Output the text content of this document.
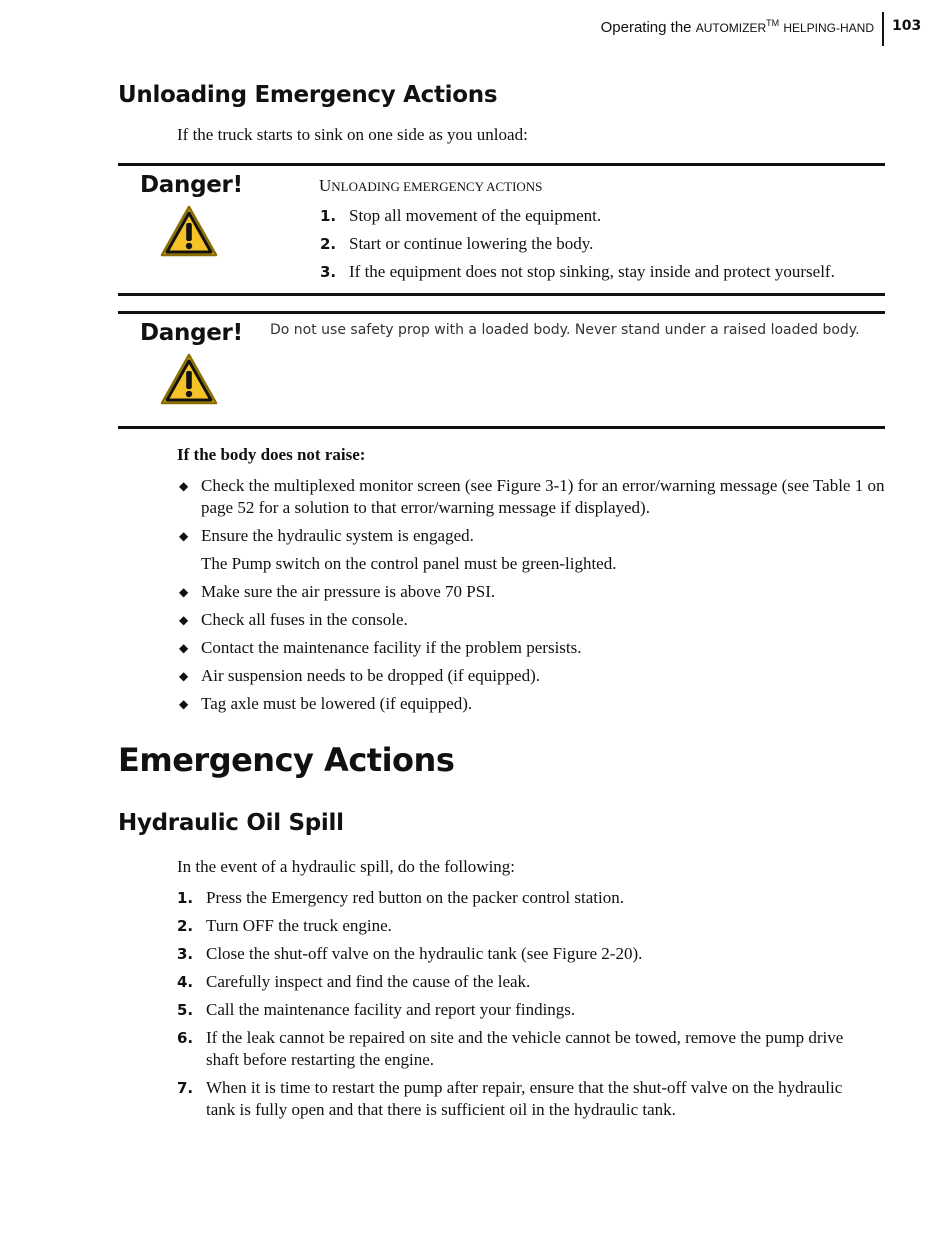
Operating the AUTOMIZER™ HELPING-HAND 103
Unloading Emergency Actions
If the truck starts to sink on one side as you unload:
Danger!	UNLOADING EMERGENCY ACTIONS
1. Stop all movement of the equipment.
2. Start or continue lowering the body.
3. If the equipment does not stop sinking, stay inside and protect yourself.
Danger! Do not use safety prop with a loaded body. Never stand under a raised loaded body.
If the body does not raise:
◆ Check the multiplexed monitor screen (see Figure 3-1) for an error/warning message (see Table 1 on page 52 for a solution to that error/warning message if displayed).
◆ Ensure the hydraulic system is engaged.
The Pump switch on the control panel must be green-lighted.
◆ Make sure the air pressure is above 70 PSI.
◆ Check all fuses in the console.
◆ Contact the maintenance facility if the problem persists.
◆ Air suspension needs to be dropped (if equipped).
◆ Tag axle must be lowered (if equipped).
Emergency Actions
Hydraulic Oil Spill
In the event of a hydraulic spill, do the following:
1. Press the Emergency red button on the packer control station.
2. Turn OFF the truck engine.
3. Close the shut-off valve on the hydraulic tank (see Figure 2-20).
4. Carefully inspect and find the cause of the leak.
5. Call the maintenance facility and report your findings.
6. If the leak cannot be repaired on site and the vehicle cannot be towed, remove the pump drive shaft before restarting the engine.
7. When it is time to restart the pump after repair, ensure that the shut-off valve on the hydraulic tank is fully open and that there is sufficient oil in the hydraulic tank.
